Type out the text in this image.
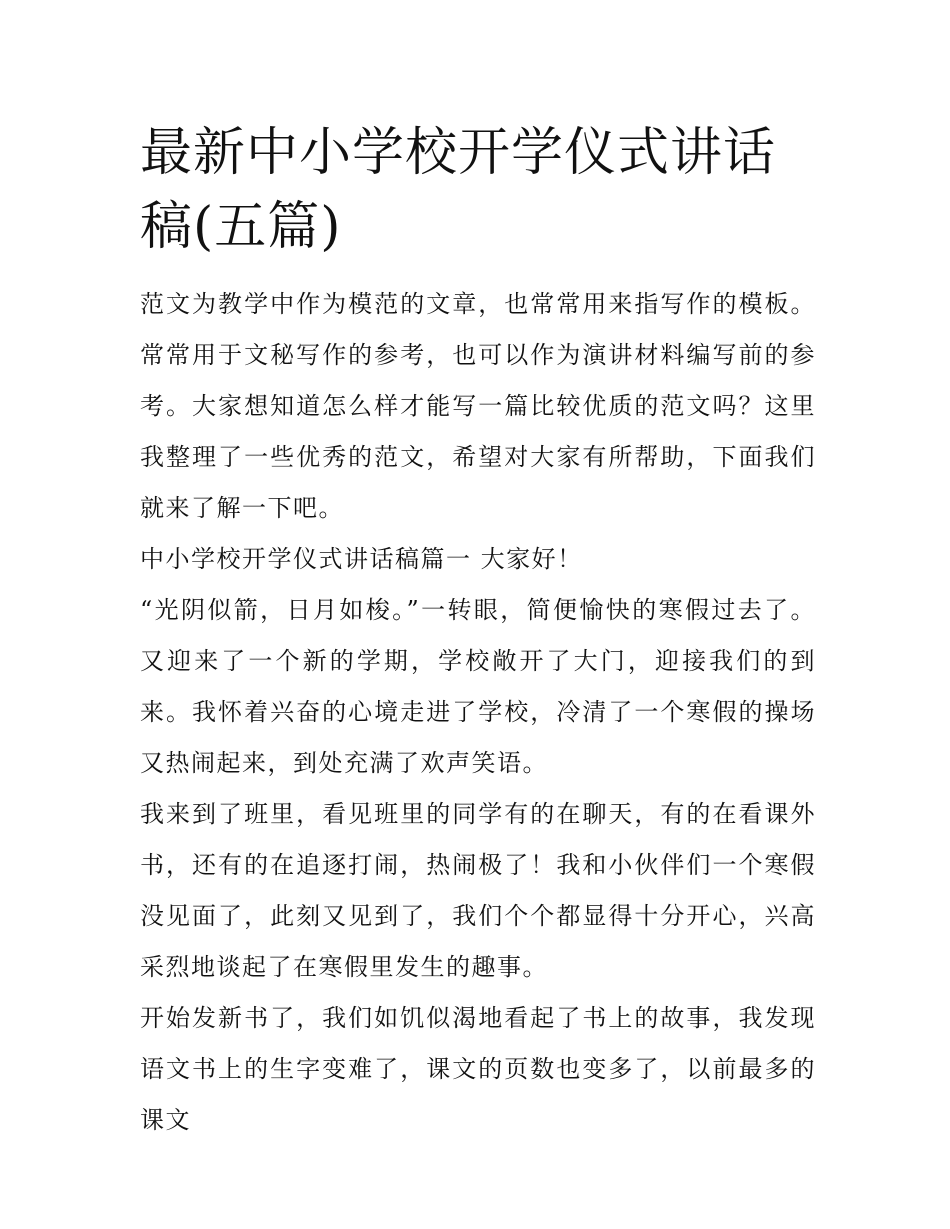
最新中小学校开学仪式讲话稿(五篇)

范文为教学中作为模范的文章，也常常用来指写作的模板。常常用于文秘写作的参考，也可以作为演讲材料编写前的参考。大家想知道怎么样才能写一篇比较优质的范文吗？这里我整理了一些优秀的范文，希望对大家有所帮助，下面我们就来了解一下吧。

中小学校开学仪式讲话稿篇一 大家好！

“光阴似箭，日月如梭。”一转眼，简便愉快的寒假过去了。又迎来了一个新的学期，学校敞开了大门，迎接我们的到来。我怀着兴奋的心境走进了学校，冷清了一个寒假的操场又热闹起来，到处充满了欢声笑语。

我来到了班里，看见班里的同学有的在聊天，有的在看课外书，还有的在追逐打闹，热闹极了！我和小伙伴们一个寒假没见面了，此刻又见到了，我们个个都显得十分开心，兴高采烈地谈起了在寒假里发生的趣事。

开始发新书了，我们如饥似渴地看起了书上的故事，我发现语文书上的生字变难了，课文的页数也变多了，以前最多的课文
